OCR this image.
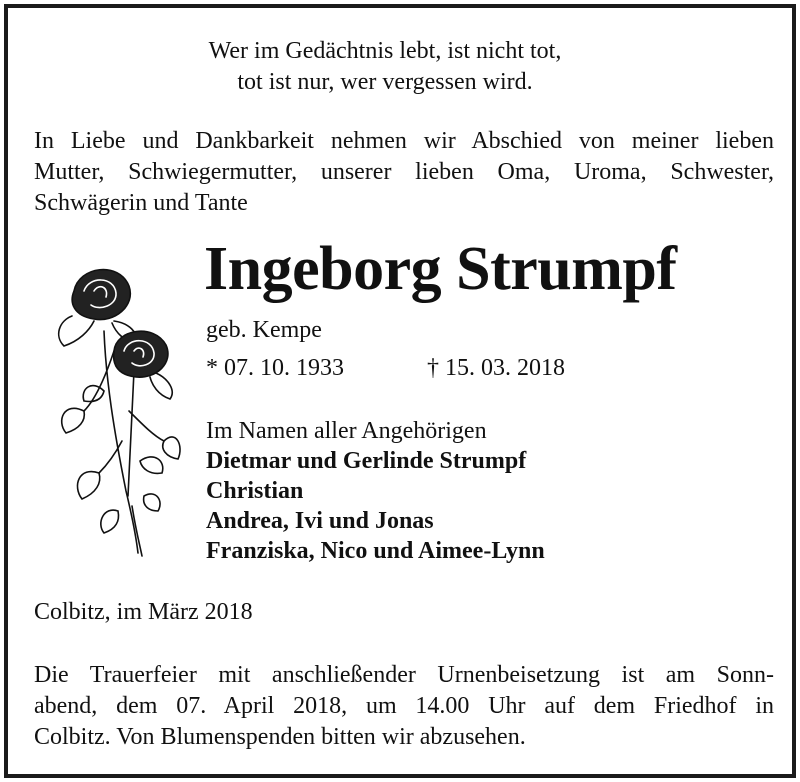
Wer im Gedächtnis lebt, ist nicht tot,
tot ist nur, wer vergessen wird.
In Liebe und Dankbarkeit nehmen wir Abschied von meiner lieben
Mutter, Schwiegermutter, unserer lieben Oma, Uroma, Schwester,
Schwägerin und Tante
Ingeborg Strumpf
geb. Kempe
* 07. 10. 1933	† 15. 03. 2018
Im Namen aller Angehörigen
Dietmar und Gerlinde Strumpf
Christian
Andrea, Ivi und Jonas
Franziska, Nico und Aimee-Lynn
Colbitz, im März 2018
Die Trauerfeier mit anschließender Urnenbeisetzung ist am Sonn-
abend, dem 07. April 2018, um 14.00 Uhr auf dem Friedhof in
Colbitz. Von Blumenspenden bitten wir abzusehen.
